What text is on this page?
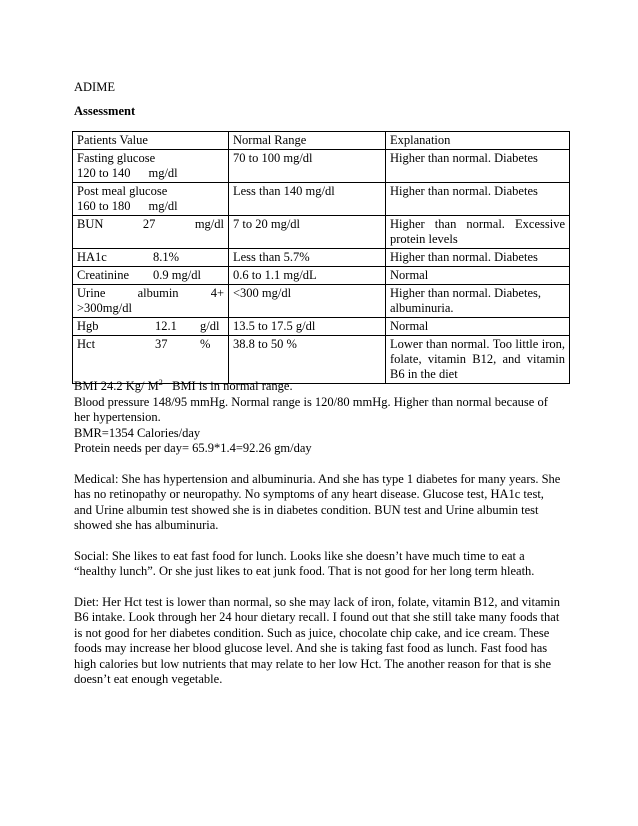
ADIME
Assessment
Patients Value	Normal Range	Explanation

Fasting glucose
120 to 140 mg/dl	70 to 100 mg/dl	Higher than normal. Diabetes

Post meal glucose
160 to 180 mg/dl	Less than 140 mg/dl	Higher than normal. Diabetes

BUN 27 mg/dl	7 to 20 mg/dl	Higher than normal. Excessive protein levels

HA1c 8.1%	Less than 5.7%	Higher than normal. Diabetes

Creatinine 0.9 mg/dl	0.6 to 1.1 mg/dL	Normal

Urine albumin 4+
>300mg/dl	<300 mg/dl	Higher than normal. Diabetes, albuminuria.

Hgb 12.1 g/dl	13.5 to 17.5 g/dl	Normal

Hct 37 %	38.8 to 50 %	Lower than normal. Too little iron, folate, vitamin B12, and vitamin B6 in the diet

BMI 24.2 Kg/ $M^2$ BMI is in normal range.
Blood pressure 148/95 mmHg. Normal range is 120/80 mmHg. Higher than normal because of her hypertension.
BMR=1354 Calories/day
Protein needs per day= 65.9*1.4=92.26 gm/day

Medical: She has hypertension and albuminuria. And she has type 1 diabetes for many years. She has no retinopathy or neuropathy. No symptoms of any heart disease. Glucose test, HA1c test, and Urine albumin test showed she is in diabetes condition. BUN test and Urine albumin test showed she has albuminuria.

Social: She likes to eat fast food for lunch. Looks like she doesn’t have much time to eat a “healthy lunch”. Or she just likes to eat junk food. That is not good for her long term hleath.

Diet: Her Hct test is lower than normal, so she may lack of iron, folate, vitamin B12, and vitamin B6 intake. Look through her 24 hour dietary recall. I found out that she still take many foods that is not good for her diabetes condition. Such as juice, chocolate chip cake, and ice cream. These foods may increase her blood glucose level. And she is taking fast food as lunch. Fast food has high calories but low nutrients that may relate to her low Hct. The another reason for that is she doesn’t eat enough vegetable.
